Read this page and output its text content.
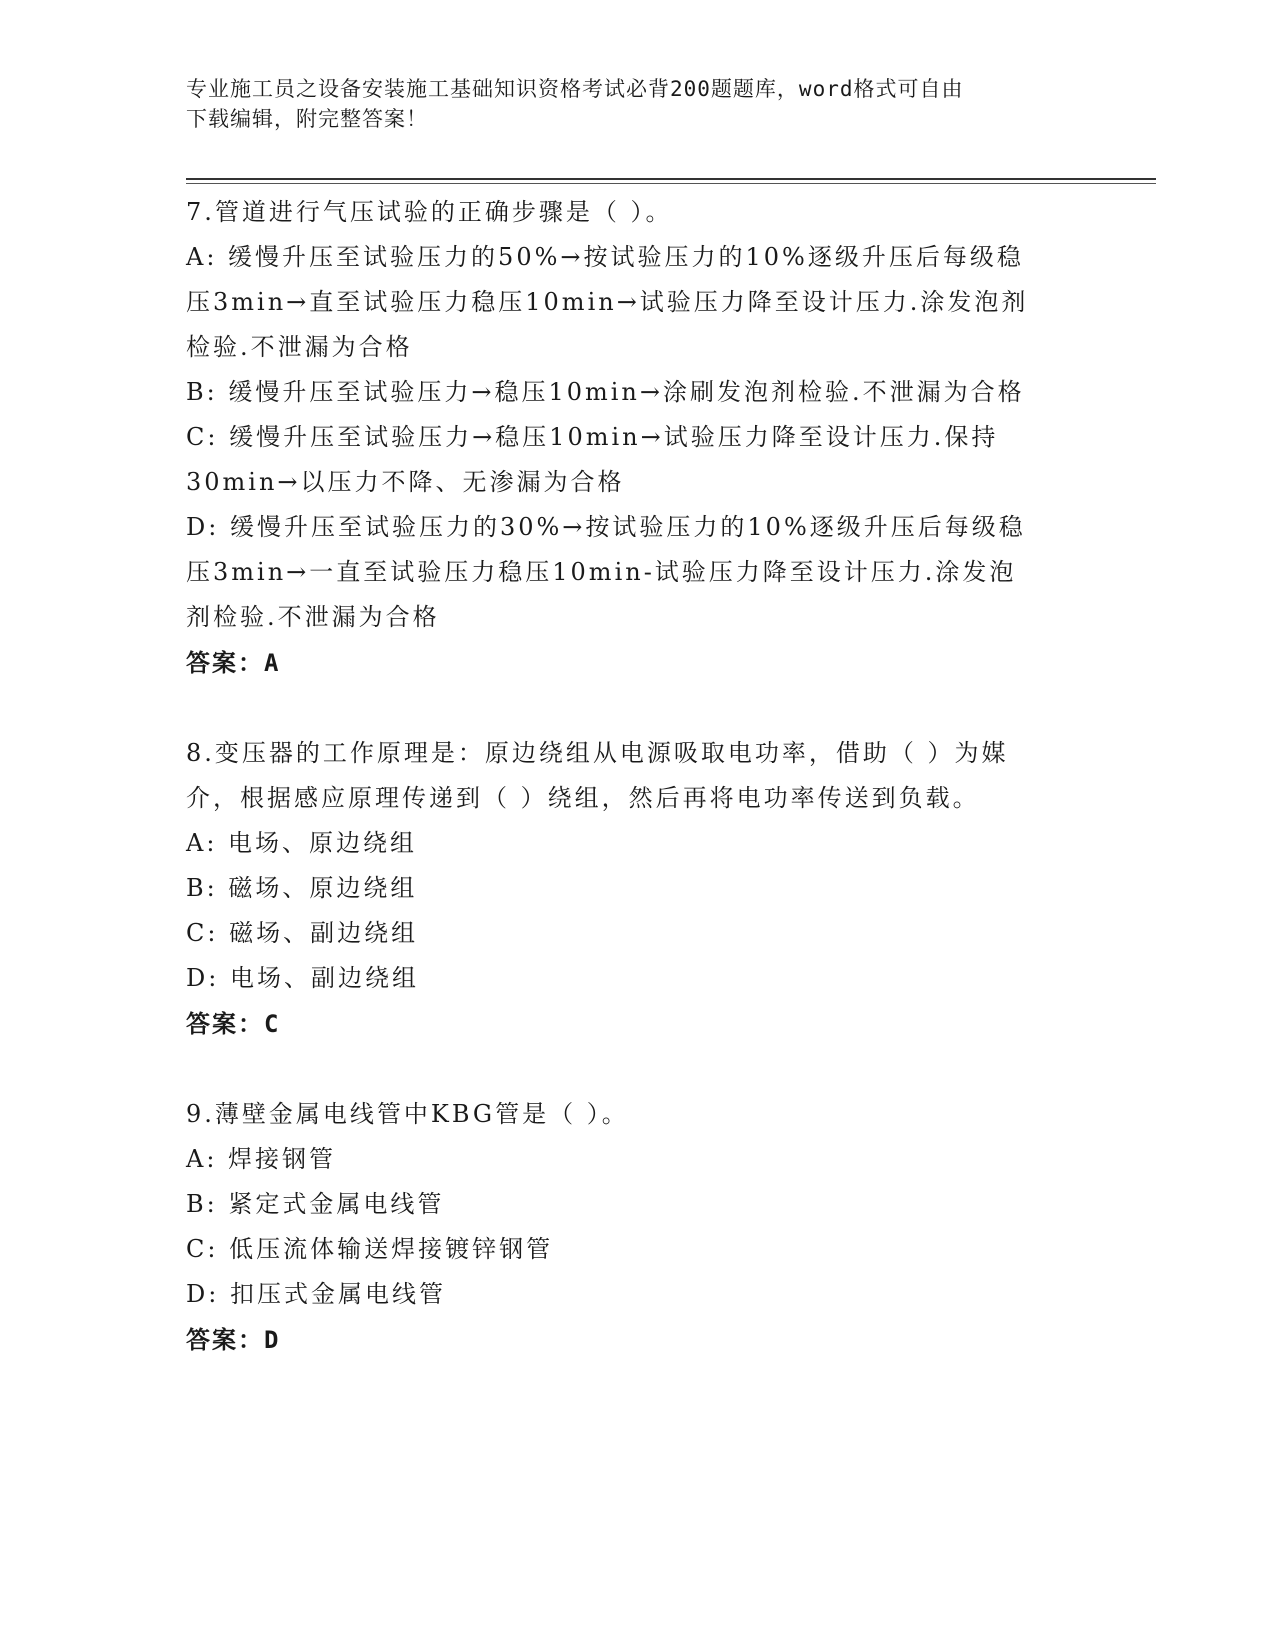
专业施工员之设备安装施工基础知识资格考试必背200题题库，word格式可自由
下载编辑，附完整答案！
7.管道进行气压试验的正确步骤是（ ）。
A: 缓慢升压至试验压力的50%→按试验压力的10%逐级升压后每级稳
压3min→直至试验压力稳压10min→试验压力降至设计压力.涂发泡剂
检验.不泄漏为合格
B: 缓慢升压至试验压力→稳压10min→涂刷发泡剂检验.不泄漏为合格
C: 缓慢升压至试验压力→稳压10min→试验压力降至设计压力.保持
30min→以压力不降、无渗漏为合格
D: 缓慢升压至试验压力的30%→按试验压力的10%逐级升压后每级稳
压3min→一直至试验压力稳压10min-试验压力降至设计压力.涂发泡
剂检验.不泄漏为合格
答案：A
8.变压器的工作原理是：原边绕组从电源吸取电功率，借助（ ）为媒
介，根据感应原理传递到（ ）绕组，然后再将电功率传送到负载。
A: 电场、原边绕组
B: 磁场、原边绕组
C: 磁场、副边绕组
D: 电场、副边绕组
答案：C
9.薄壁金属电线管中KBG管是（ ）。
A: 焊接钢管
B: 紧定式金属电线管
C: 低压流体输送焊接镀锌钢管
D: 扣压式金属电线管
答案：D
